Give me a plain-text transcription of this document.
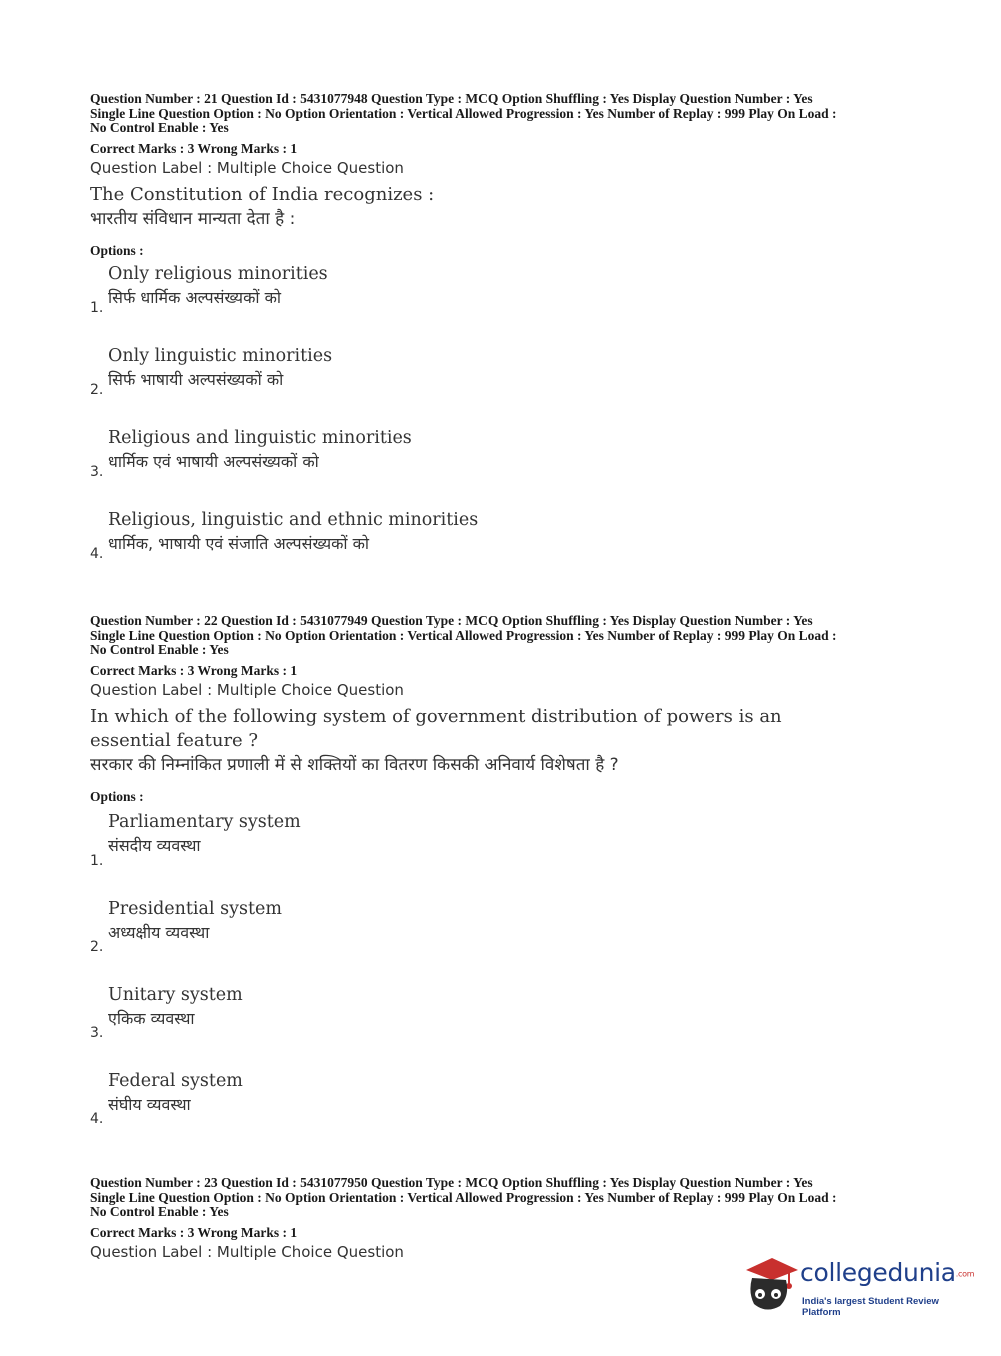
Question Number : 21 Question Id : 5431077948 Question Type : MCQ Option Shuffling : Yes Display Question Number : Yes
Single Line Question Option : No Option Orientation : Vertical Allowed Progression : Yes Number of Replay : 999 Play On Load :
No Control Enable : Yes

Correct Marks : 3 Wrong Marks : 1

Question Label : Multiple Choice Question

The Constitution of India recognizes :

भारतीय संविधान मान्यता देता है :

Options :

1.

Only religious minorities

सिर्फ धार्मिक अल्पसंख्यकों को

2.

Only linguistic minorities

सिर्फ भाषायी अल्पसंख्यकों को

3.

Religious and linguistic minorities

धार्मिक एवं भाषायी अल्पसंख्यकों को

4.

Religious, linguistic and ethnic minorities

धार्मिक, भाषायी एवं संजाति अल्पसंख्यकों को

Question Number : 22 Question Id : 5431077949 Question Type : MCQ Option Shuffling : Yes Display Question Number : Yes
Single Line Question Option : No Option Orientation : Vertical Allowed Progression : Yes Number of Replay : 999 Play On Load :
No Control Enable : Yes

Correct Marks : 3 Wrong Marks : 1

Question Label : Multiple Choice Question

In which of the following system of government distribution of powers is an
essential feature ?

सरकार की निम्नांकित प्रणाली में से शक्तियों का वितरण किसकी अनिवार्य विशेषता है ?

Options :

1.

Parliamentary system

संसदीय व्यवस्था

2.

Presidential system

अध्यक्षीय व्यवस्था

3.

Unitary system

एकिक व्यवस्था

4.

Federal system

संघीय व्यवस्था

Question Number : 23 Question Id : 5431077950 Question Type : MCQ Option Shuffling : Yes Display Question Number : Yes
Single Line Question Option : No Option Orientation : Vertical Allowed Progression : Yes Number of Replay : 999 Play On Load :
No Control Enable : Yes

Correct Marks : 3 Wrong Marks : 1

Question Label : Multiple Choice Question

collegedunia.com
India's largest Student Review Platform
